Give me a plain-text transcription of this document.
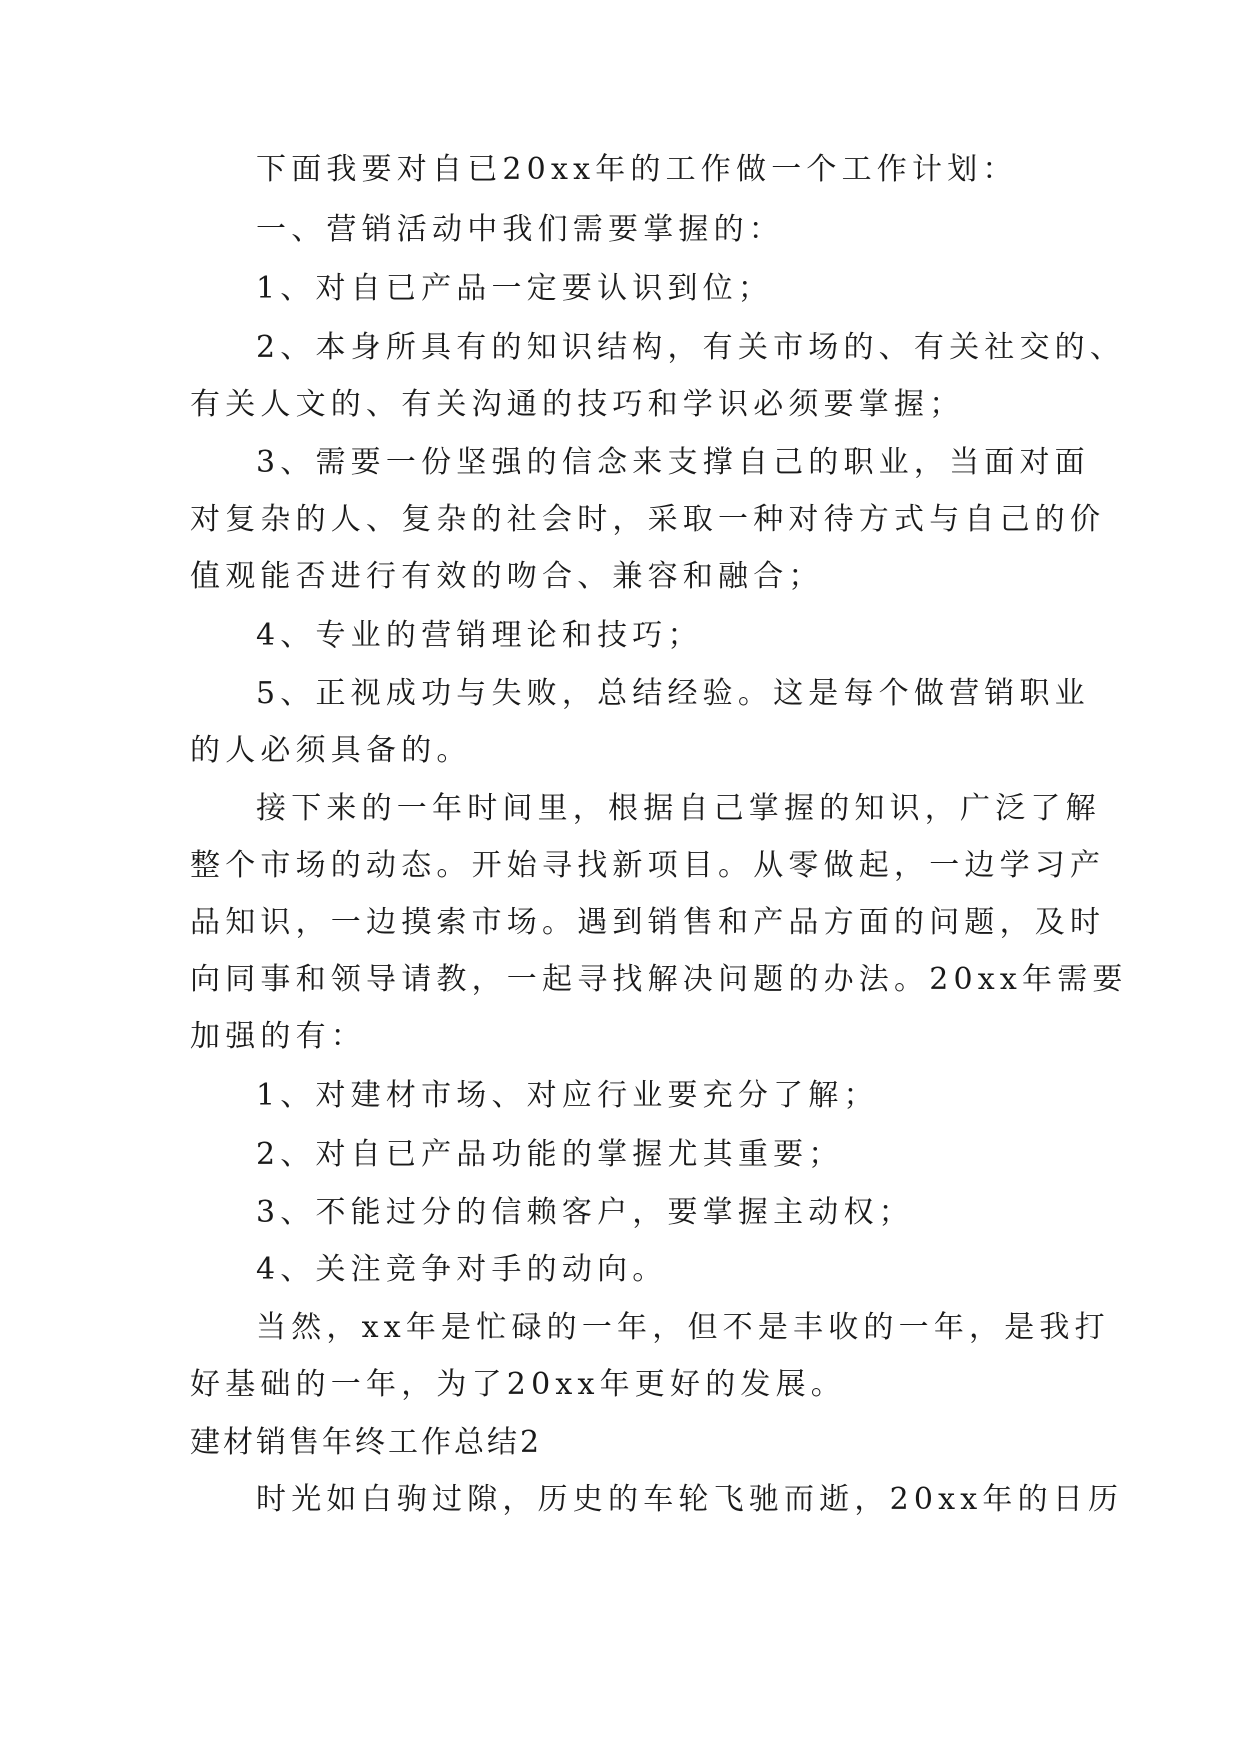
下面我要对自已20xx年的工作做一个工作计划：
一、营销活动中我们需要掌握的：
1、对自已产品一定要认识到位；
2、本身所具有的知识结构，有关市场的、有关社交的、
有关人文的、有关沟通的技巧和学识必须要掌握；
3、需要一份坚强的信念来支撑自己的职业，当面对面
对复杂的人、复杂的社会时，采取一种对待方式与自己的价
值观能否进行有效的吻合、兼容和融合；
4、专业的营销理论和技巧；
5、正视成功与失败，总结经验。这是每个做营销职业
的人必须具备的。
接下来的一年时间里，根据自己掌握的知识，广泛了解
整个市场的动态。开始寻找新项目。从零做起，一边学习产
品知识，一边摸索市场。遇到销售和产品方面的问题，及时
向同事和领导请教，一起寻找解决问题的办法。20xx年需要
加强的有：
1、对建材市场、对应行业要充分了解；
2、对自已产品功能的掌握尤其重要；
3、不能过分的信赖客户，要掌握主动权；
4、关注竞争对手的动向。
当然，xx年是忙碌的一年，但不是丰收的一年，是我打
好基础的一年，为了20xx年更好的发展。
建材销售年终工作总结2
时光如白驹过隙，历史的车轮飞驰而逝，20xx年的日历
